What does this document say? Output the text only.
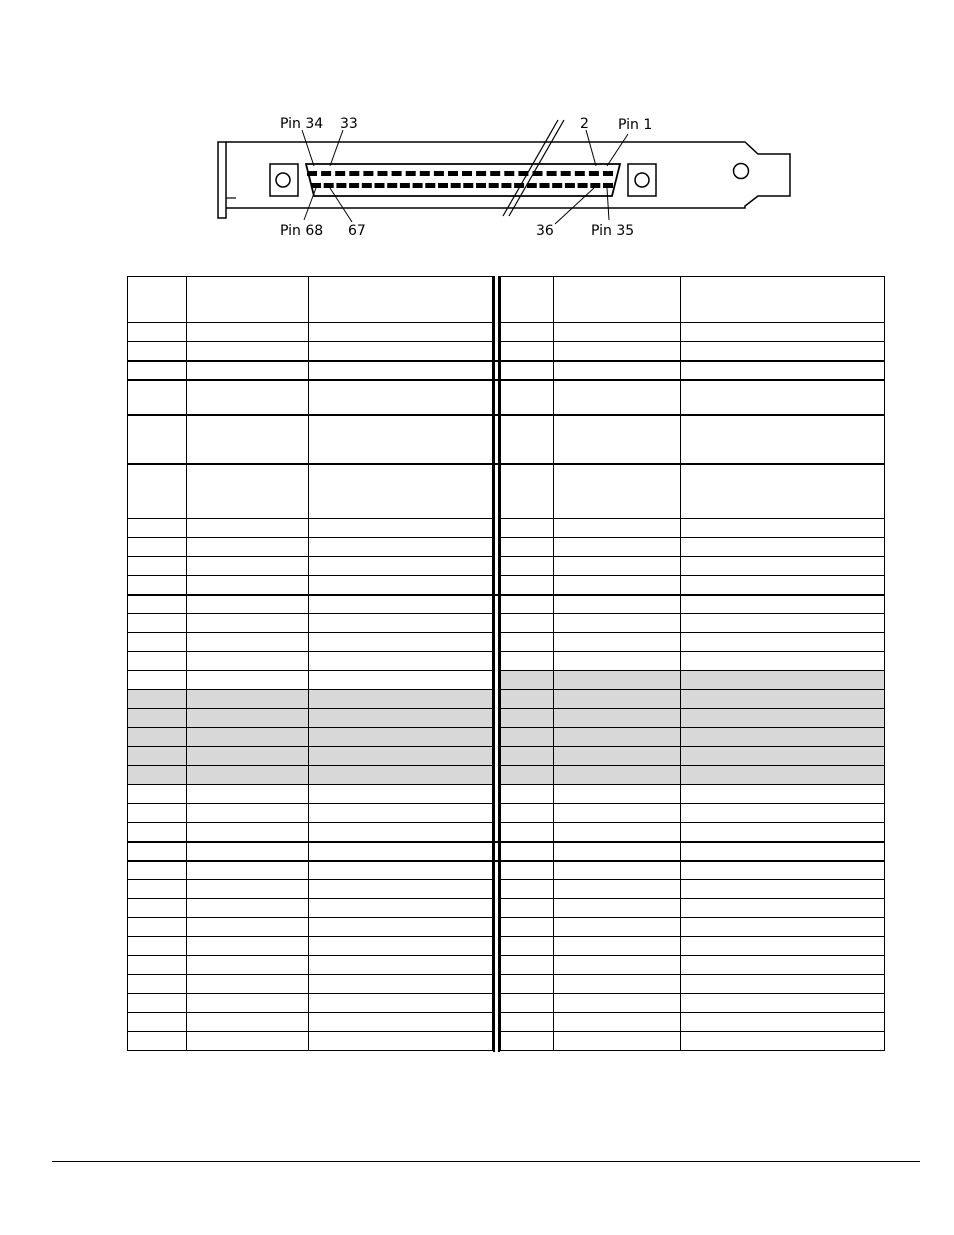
Pin 34 33	2 Pin 1
Pin 68 67	36	Pin 35
